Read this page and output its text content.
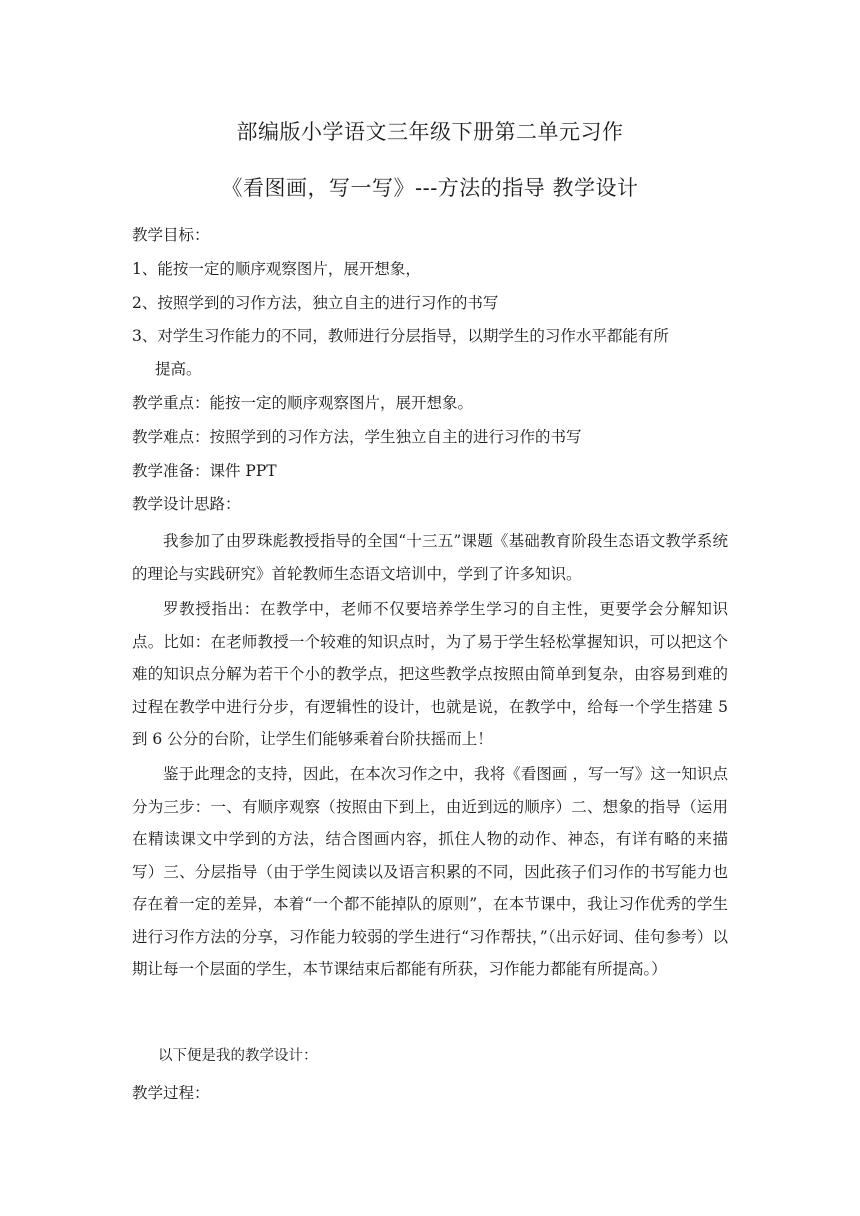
部编版小学语文三年级下册第二单元习作
《看图画，写一写》---方法的指导 教学设计
教学目标：
1、能按一定的顺序观察图片，展开想象，
2、按照学到的习作方法，独立自主的进行习作的书写
3、对学生习作能力的不同，教师进行分层指导，以期学生的习作水平都能有所
提高。
教学重点：能按一定的顺序观察图片，展开想象。
教学难点：按照学到的习作方法，学生独立自主的进行习作的书写
教学准备：课件 PPT
教学设计思路：

我参加了由罗珠彪教授指导的全国“十三五”课题《基础教育阶段生态语文教学系统的理论与实践研究》首轮教师生态语文培训中，学到了许多知识。

罗教授指出：在教学中，老师不仅要培养学生学习的自主性，更要学会分解知识点。比如：在老师教授一个较难的知识点时，为了易于学生轻松掌握知识，可以把这个难的知识点分解为若干个小的教学点，把这些教学点按照由简单到复杂，由容易到难的过程在教学中进行分步，有逻辑性的设计，也就是说，在教学中，给每一个学生搭建 5 到 6 公分的台阶，让学生们能够乘着台阶扶摇而上！

鉴于此理念的支持，因此，在本次习作之中，我将《看图画 ，写一写》这一知识点分为三步：一、有顺序观察（按照由下到上，由近到远的顺序）二、想象的指导（运用在精读课文中学到的方法，结合图画内容，抓住人物的动作、神态，有详有略的来描写）三、分层指导（由于学生阅读以及语言积累的不同，因此孩子们习作的书写能力也存在着一定的差异，本着“一个都不能掉队的原则”，在本节课中，我让习作优秀的学生进行习作方法的分享，习作能力较弱的学生进行“习作帮扶，”（出示好词、佳句参考）以期让每一个层面的学生，本节课结束后都能有所获，习作能力都能有所提高。）

以下便是我的教学设计：
教学过程：
